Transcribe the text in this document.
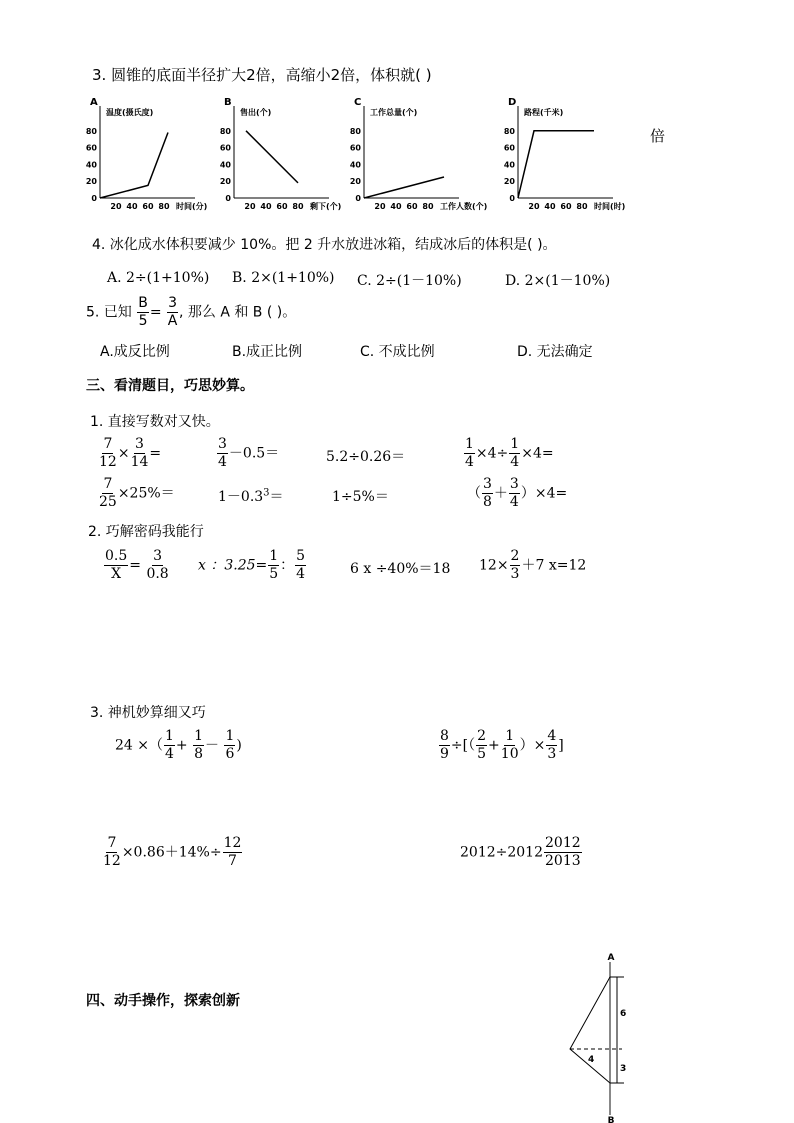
3. 圆锥的底面半径扩大2倍，高缩小2倍，体积就( )
倍
A
温度(摄氏度)
时间(分)
0
20
40
60
80
20 40 60 80
B
售出(个)
剩下(个)
0
20
40
60
80
20 40 60 80
C
工作总量(个)
工作人数(个)
0
20
40
60
80
20 40 60 80
D
路程(千米)
时间(时)
0
20
40
60
80
20 40 60 80
4. 冰化成水体积要减少 10%。把 2 升水放进冰箱，结成冰后的体积是( )。
A. 2÷(1+10%) B. 2×(1+10%) C. 2÷(1－10%)	D. 2×(1－10%)
5. 已知 $\frac{B}{5} = \frac{3}{A}$ , 那么 A 和 B ( )。
A.成反比例	B.成正比例	C. 不成比例	D. 无法确定
三、看清题目，巧思妙算。
1. 直接写数对又快。
$\frac{7}{12} \times \frac{3}{14}$ =	$\frac{3}{4} -0.5=$	5.2÷0.26＝	$\frac{1}{4} \times 4\div \frac{1}{4} \times 4=$
$\frac{7}{25} \times 25\%=$	$1-0.3^3=$	1÷5%＝	（ $\frac{3}{8} + \frac{3}{4} )\times 4=$
2. 巧解密码我能行
$\frac{0.5}{X} = \frac{3}{0.8}$ x ：$3.25= \frac{1}{5}$ ： $\frac{5}{4}$	6 x ÷40%＝18 $12\times \frac{2}{3} +7$ x=12
3. 神机妙算细又巧
24 ×（ $\frac{1}{4} + \frac{1}{8} - \frac{1}{6}$ )	$\frac{8}{9}$ ÷[（ $\frac{2}{5} + \frac{1}{10}$ ）× $\frac{4}{3}$ ]
$\frac{7}{12} \times 0.86+14\%\div \frac{12}{7}$	$2012\div 2012 \frac{2012}{2013}$
四、动手操作，探索创新
A
B
6
3
4
